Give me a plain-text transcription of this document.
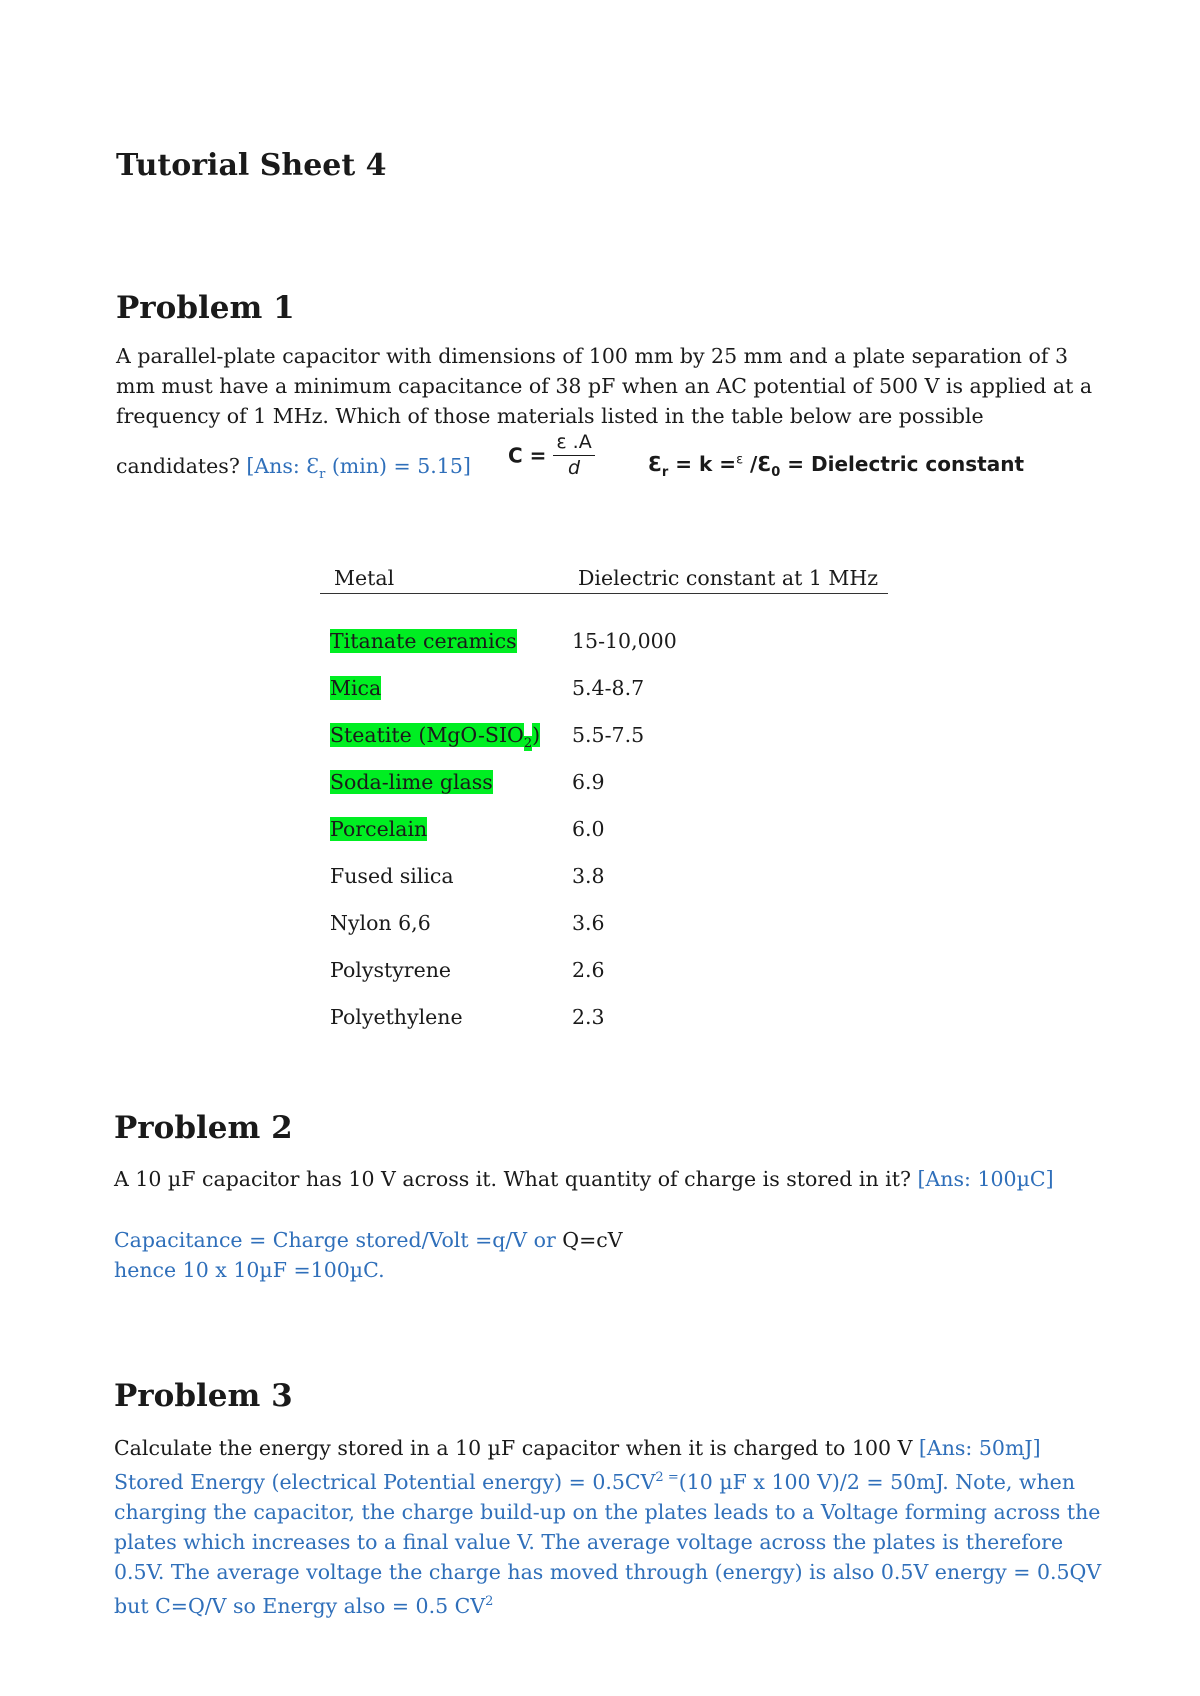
Tutorial Sheet 4
Problem 1
A parallel-plate capacitor with dimensions of 100 mm by 25 mm and a plate separation of 3
mm must have a minimum capacitance of 38 pF when an AC potential of 500 V is applied at a
frequency of 1 MHz. Which of those materials listed in the table below are possible
candidates? [Ans: $Ɛ_r$ (min) = 5.15] $C = \frac{\varepsilon .A}{d}$	$Ɛ_r = k =^\varepsilon$ $/Ɛ_0$ = Dielectric constant
Metal	Dielectric constant at 1 MHz
Titanate ceramics	15-10,000
Mica	5.4-8.7
Steatite $(MgO-SIO_2)$ 5.5-7.5
Soda-lime glass	6.9
Porcelain	6.0
Fused silica	3.8
Nylon 6,6	3.6
Polystyrene	2.6
Polyethylene	2.3
Problem 2
A 10 µF capacitor has 10 V across it. What quantity of charge is stored in it? [Ans: 100µC]
Capacitance = Charge stored/Volt =q/V or Q=cV
hence 10 x 10µF =100µC.
Problem 3
Calculate the energy stored in a 10 µF capacitor when it is charged to 100 V [Ans: 50mJ]
Stored Energy (electrical Potential energy) = $0.5CV^{2 =}(10$ µF x 100 V)/2 = 50mJ. Note, when
charging the capacitor, the charge build-up on the plates leads to a Voltage forming across the
plates which increases to a final value V. The average voltage across the plates is therefore
0.5V. The average voltage the charge has moved through (energy) is also 0.5V energy = 0.5QV
but C=Q/V so Energy also = 0.5 $CV^2$
